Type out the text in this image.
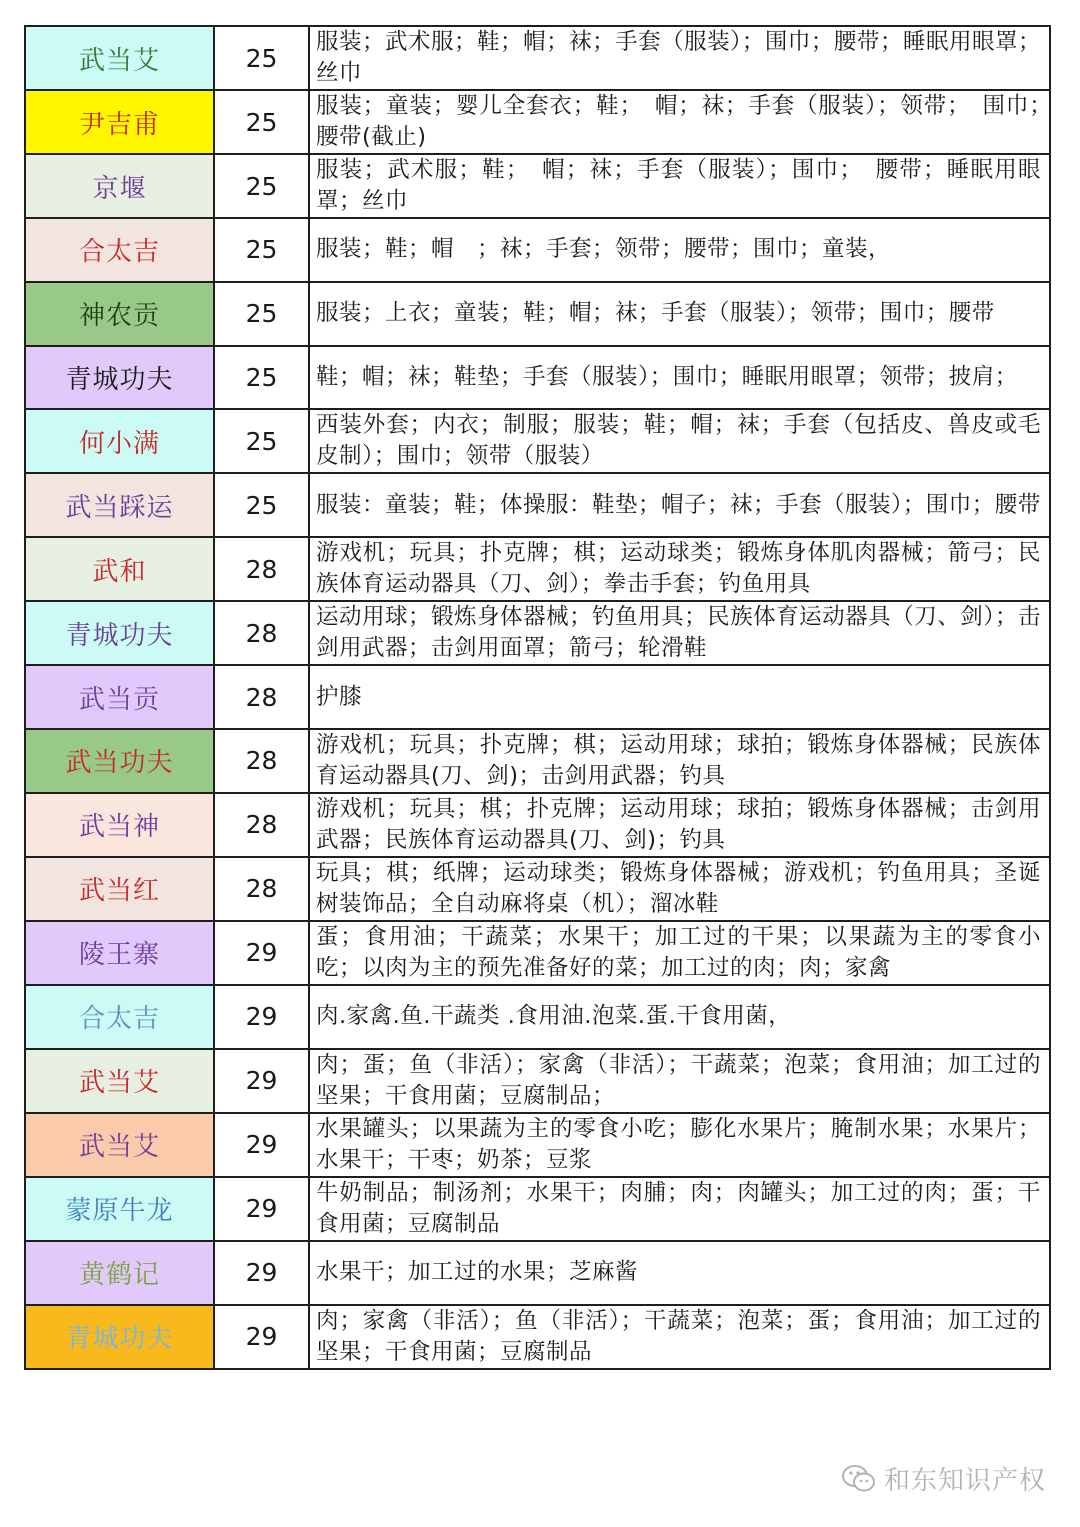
武当艾	25	服装；武术服；鞋；帽；袜；手套（服装）；围巾；腰带；睡眠用眼罩；丝巾
尹吉甫	25	服装；童装；婴儿全套衣；鞋；　帽；袜；手套（服装）；领带；　围巾；　腰带(截止)
京堰	25	服装；武术服；鞋；　帽；袜；手套（服装）；围巾；　腰带；睡眠用眼罩；丝巾
合太吉	25	服装；鞋；帽　；袜；手套；领带；腰带；围巾；童装，
神农贡	25	服装；上衣；童装；鞋；帽；袜；手套（服装）；领带；围巾；腰带
青城功夫	25	鞋；帽；袜；鞋垫；手套（服装）；围巾；睡眠用眼罩；领带；披肩；
何小满	25	西装外套；内衣；制服；服装；鞋；帽；袜；手套（包括皮、兽皮或毛皮制）；围巾；领带（服装）
武当踩运	25	服装：童装；鞋；体操服：鞋垫；帽子；袜；手套（服装）；围巾；腰带
武和	28	游戏机；玩具；扑克牌；棋；运动球类；锻炼身体肌肉器械；箭弓；民族体育运动器具（刀、剑）；拳击手套；钓鱼用具
青城功夫	28	运动用球；锻炼身体器械；钓鱼用具；民族体育运动器具（刀、剑）；击剑用武器；击剑用面罩；箭弓；轮滑鞋
武当贡	28	护膝
武当功夫	28	游戏机；玩具；扑克牌；棋；运动用球；球拍；锻炼身体器械；民族体育运动器具(刀、剑)；击剑用武器；钓具
武当神	28	游戏机；玩具；棋；扑克牌；运动用球；球拍；锻炼身体器械；击剑用武器；民族体育运动器具(刀、剑)；钓具
武当红	28	玩具；棋；纸牌；运动球类；锻炼身体器械；游戏机；钓鱼用具；圣诞树装饰品；全自动麻将桌（机）；溜冰鞋
陵王寨	29	蛋；食用油；干蔬菜；水果干；加工过的干果；以果蔬为主的零食小吃；以肉为主的预先准备好的菜；加工过的肉；肉；家禽
合太吉	29	肉.家禽.鱼.干蔬类 .食用油.泡菜.蛋.干食用菌，
武当艾	29	肉；蛋；鱼（非活）；家禽（非活）；干蔬菜；泡菜；食用油；加工过的坚果；干食用菌；豆腐制品；
武当艾	29	水果罐头；以果蔬为主的零食小吃；膨化水果片；腌制水果；水果片；水果干；干枣；奶茶；豆浆
蒙原牛龙	29	牛奶制品；制汤剂；水果干；肉脯；肉；肉罐头；加工过的肉；蛋；干食用菌；豆腐制品
黄鹤记	29	水果干；加工过的水果；芝麻酱
青城功夫	29	肉；家禽（非活）；鱼（非活）；干蔬菜；泡菜；蛋；食用油；加工过的坚果；干食用菌；豆腐制品
和东知识产权
